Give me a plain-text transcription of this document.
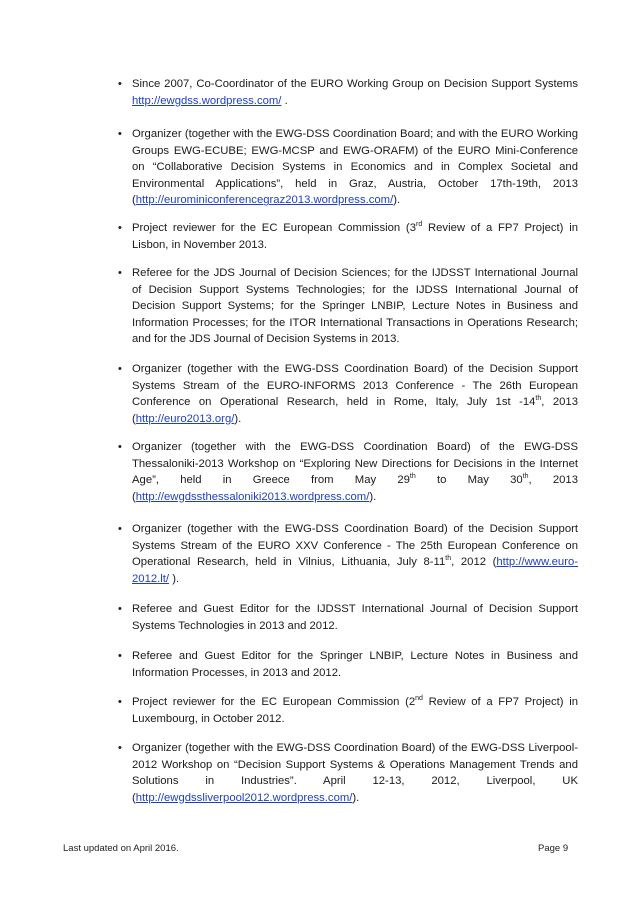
• Since 2007, Co-Coordinator of the EURO Working Group on Decision Support Systems http://ewgdss.wordpress.com/ .

• Organizer (together with the EWG-DSS Coordination Board; and with the EURO Working Groups EWG-ECUBE; EWG-MCSP and EWG-ORAFM) of the EURO Mini-Conference on “Collaborative Decision Systems in Economics and in Complex Societal and Environmental Applications”, held in Graz, Austria, October 17th-19th, 2013 (http://eurominiconferencegraz2013.wordpress.com/).

• Project reviewer for the EC European Commission (3rd Review of a FP7 Project) in Lisbon, in November 2013.

• Referee for the JDS Journal of Decision Sciences; for the IJDSST International Journal of Decision Support Systems Technologies; for the IJDSS International Journal of Decision Support Systems; for the Springer LNBIP, Lecture Notes in Business and Information Processes; for the ITOR International Transactions in Operations Research; and for the JDS Journal of Decision Systems in 2013.

• Organizer (together with the EWG-DSS Coordination Board) of the Decision Support Systems Stream of the EURO-INFORMS 2013 Conference - The 26th European Conference on Operational Research, held in Rome, Italy, July 1st -14th, 2013 (http://euro2013.org/).

• Organizer (together with the EWG-DSS Coordination Board) of the EWG-DSS Thessaloniki-2013 Workshop on “Exploring New Directions for Decisions in the Internet Age”, held in Greece from May 29th to May 30th, 2013 (http://ewgdssthessaloniki2013.wordpress.com/).

• Organizer (together with the EWG-DSS Coordination Board) of the Decision Support Systems Stream of the EURO XXV Conference - The 25th European Conference on Operational Research, held in Vilnius, Lithuania, July 8-11th, 2012 (http://www.euro-2012.lt/ ).

• Referee and Guest Editor for the IJDSST International Journal of Decision Support Systems Technologies in 2013 and 2012.

• Referee and Guest Editor for the Springer LNBIP, Lecture Notes in Business and Information Processes, in 2013 and 2012.

• Project reviewer for the EC European Commission (2nd Review of a FP7 Project) in Luxembourg, in October 2012.

• Organizer (together with the EWG-DSS Coordination Board) of the EWG-DSS Liverpool-2012 Workshop on “Decision Support Systems & Operations Management Trends and Solutions in Industries”. April 12-13, 2012, Liverpool, UK (http://ewgdssliverpool2012.wordpress.com/).

Last updated on April 2016.	Page 9
